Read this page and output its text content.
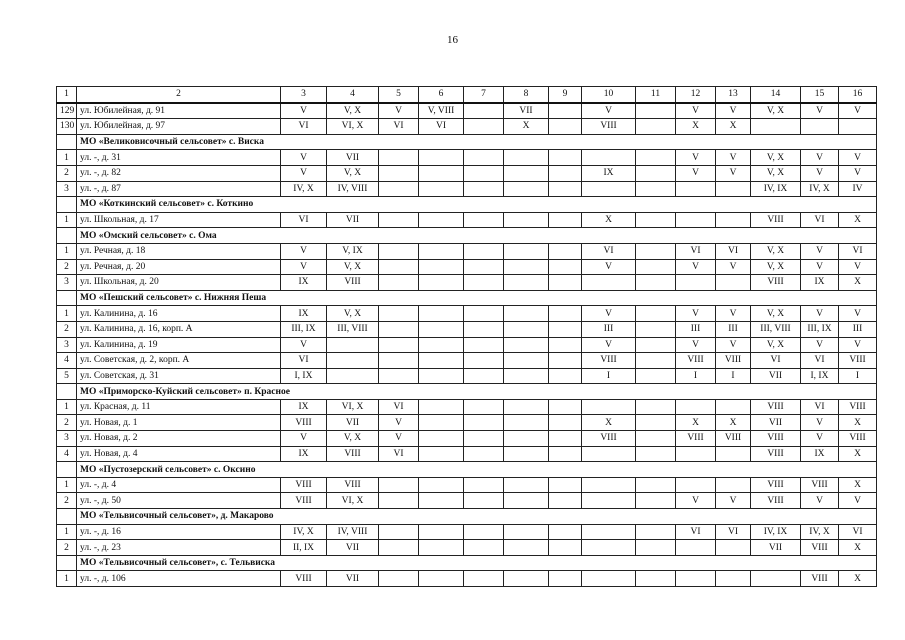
16
1	2	3	4	5	6	7	8	9	10	11	12	13	14	15	16
129	ул. Юбилейная, д. 91	V	V, X	V	V, VIII		VII		V		V	V	V, X	V	V
130	ул. Юбилейная, д. 97	VI	VI, X	VI	VI		X		VIII		X	X			
	МО «Великовисочный сельсовет» с. Виска														
1	ул. -, д. 31	V	VII								V	V	V, X	V	V
2	ул. -, д. 82	V	V, X						IX		V	V	V, X	V	V
3	ул. -, д. 87	IV, X	IV, VIII										IV, IX	IV, X	IV
	МО «Коткинский сельсовет» с. Коткино														
1	ул. Школьная, д. 17	VI	VII						X				VIII	VI	X
	МО «Омский сельсовет» с. Ома														
1	ул. Речная, д. 18	V	V, IX						VI		VI	VI	V, X	V	VI
2	ул. Речная, д. 20	V	V, X						V		V	V	V, X	V	V
3	ул. Школьная, д. 20	IX	VIII										VIII	IX	X
	МО «Пешский сельсовет» с. Нижняя Пеша														
1	ул. Калинина, д. 16	IX	V, X						V		V	V	V, X	V	V
2	ул. Калинина, д. 16, корп. А	III, IX	III, VIII						III		III	III	III, VIII	III, IX	III
3	ул. Калинина, д. 19	V							V		V	V	V, X	V	V
4	ул. Советская, д. 2, корп. А	VI							VIII		VIII	VIII	VI	VI	VIII
5	ул. Советская, д. 31	I, IX							I		I	I	VII	I, IX	I
	МО «Приморско-Куйский сельсовет» п. Красное														
1	ул. Красная, д. 11	IX	VI, X	VI									VIII	VI	VIII
2	ул. Новая, д. 1	VIII	VII	V					X		X	X	VII	V	X
3	ул. Новая, д. 2	V	V, X	V					VIII		VIII	VIII	VIII	V	VIII
4	ул. Новая, д. 4	IX	VIII	VI									VIII	IX	X
	МО «Пустозерский сельсовет» с. Оксино														
1	ул. -, д. 4	VIII	VIII										VIII	VIII	X
2	ул. -, д. 50	VIII	VI, X								V	V	VIII	V	V
	МО «Тельвисочный сельсовет», д. Макарово														
1	ул. -, д. 16	IV, X	IV, VIII								VI	VI	IV, IX	IV, X	VI
2	ул. -, д. 23	II, IX	VII										VII	VIII	X
	МО «Тельвисочный сельсовет», с. Тельвиска														
1	ул. -, д. 106	VIII	VII											VIII	X
